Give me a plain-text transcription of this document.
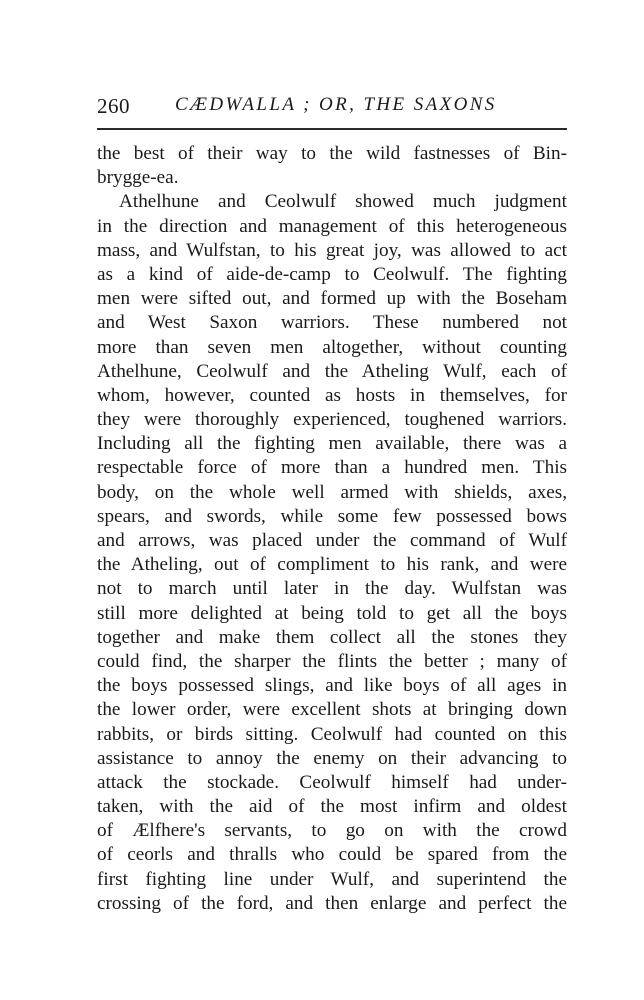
260 CÆDWALLA ; OR, THE SAXONS
the best of their way to the wild fastnesses of Bin-
brygge-ea.
Athelhune and Ceolwulf showed much judgment
in the direction and management of this heterogeneous
mass, and Wulfstan, to his great joy, was allowed to act
as a kind of aide-de-camp to Ceolwulf. The fighting
men were sifted out, and formed up with the Boseham
and West Saxon warriors. These numbered not
more than seven men altogether, without counting
Athelhune, Ceolwulf and the Atheling Wulf, each of
whom, however, counted as hosts in themselves, for
they were thoroughly experienced, toughened warriors.
Including all the fighting men available, there was a
respectable force of more than a hundred men. This
body, on the whole well armed with shields, axes,
spears, and swords, while some few possessed bows
and arrows, was placed under the command of Wulf
the Atheling, out of compliment to his rank, and were
not to march until later in the day. Wulfstan was
still more delighted at being told to get all the boys
together and make them collect all the stones they
could find, the sharper the flints the better ; many of
the boys possessed slings, and like boys of all ages in
the lower order, were excellent shots at bringing down
rabbits, or birds sitting. Ceolwulf had counted on this
assistance to annoy the enemy on their advancing to
attack the stockade. Ceolwulf himself had under-
taken, with the aid of the most infirm and oldest
of Ælfhere's servants, to go on with the crowd
of ceorls and thralls who could be spared from the
first fighting line under Wulf, and superintend the
crossing of the ford, and then enlarge and perfect the
